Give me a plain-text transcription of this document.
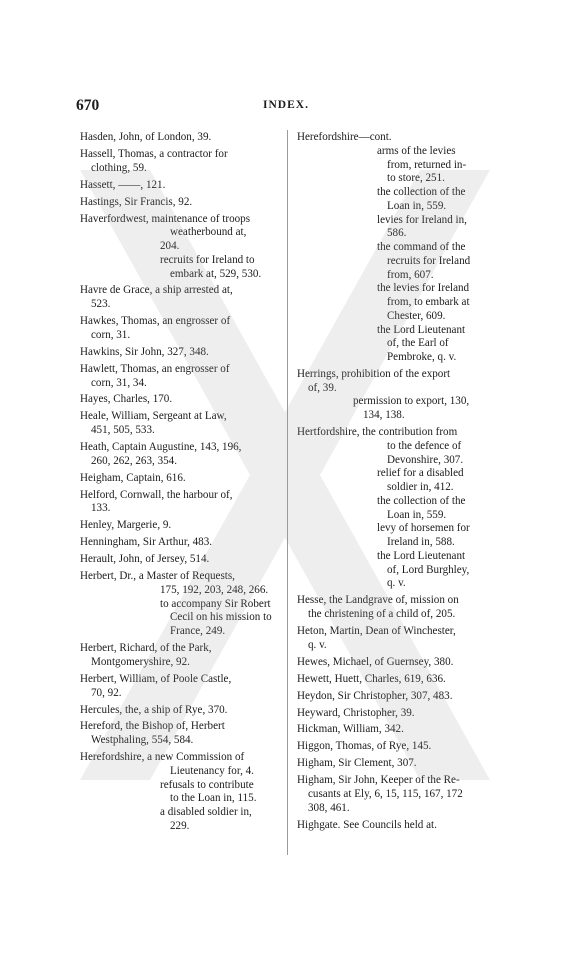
670	INDEX.
Hasden, John, of London, 39.
Hassell, Thomas, a contractor for
clothing, 59.
Hassett, ——, 121.
Hastings, Sir Francis, 92.
Haverfordwest, maintenance of troops
weatherbound at,
204.
recruits for Ireland to
embark at, 529, 530.
Havre de Grace, a ship arrested at,
523.
Hawkes, Thomas, an engrosser of
corn, 31.
Hawkins, Sir John, 327, 348.
Hawlett, Thomas, an engrosser of
corn, 31, 34.
Hayes, Charles, 170.
Heale, William, Sergeant at Law,
451, 505, 533.
Heath, Captain Augustine, 143, 196,
260, 262, 263, 354.
Heigham, Captain, 616.
Helford, Cornwall, the harbour of,
133.
Henley, Margerie, 9.
Henningham, Sir Arthur, 483.
Herault, John, of Jersey, 514.
Herbert, Dr., a Master of Requests,
175, 192, 203, 248, 266.
to accompany Sir Robert
Cecil on his mission to
France, 249.
Herbert, Richard, of the Park,
Montgomeryshire, 92.
Herbert, William, of Poole Castle,
70, 92.
Hercules, the, a ship of Rye, 370.
Hereford, the Bishop of, Herbert
Westphaling, 554, 584.
Herefordshire, a new Commission of
Lieutenancy for, 4.
refusals to contribute
to the Loan in, 115.
a disabled soldier in,
229.
Herefordshire—cont.
arms of the levies
from, returned in-
to store, 251.
the collection of the
Loan in, 559.
levies for Ireland in,
586.
the command of the
recruits for Ireland
from, 607.
the levies for Ireland
from, to embark at
Chester, 609.
the Lord Lieutenant
of, the Earl of
Pembroke, q. v.
Herrings, prohibition of the export
of, 39.
permission to export, 130,
134, 138.
Hertfordshire, the contribution from
to the defence of
Devonshire, 307.
relief for a disabled
soldier in, 412.
the collection of the
Loan in, 559.
levy of horsemen for
Ireland in, 588.
the Lord Lieutenant
of, Lord Burghley,
q. v.
Hesse, the Landgrave of, mission on
the christening of a child of, 205.
Heton, Martin, Dean of Winchester,
q. v.
Hewes, Michael, of Guernsey, 380.
Hewett, Huett, Charles, 619, 636.
Heydon, Sir Christopher, 307, 483.
Heyward, Christopher, 39.
Hickman, William, 342.
Higgon, Thomas, of Rye, 145.
Higham, Sir Clement, 307.
Higham, Sir John, Keeper of the Re-
cusants at Ely, 6, 15, 115, 167, 172
308, 461.
Highgate. See Councils held at.
